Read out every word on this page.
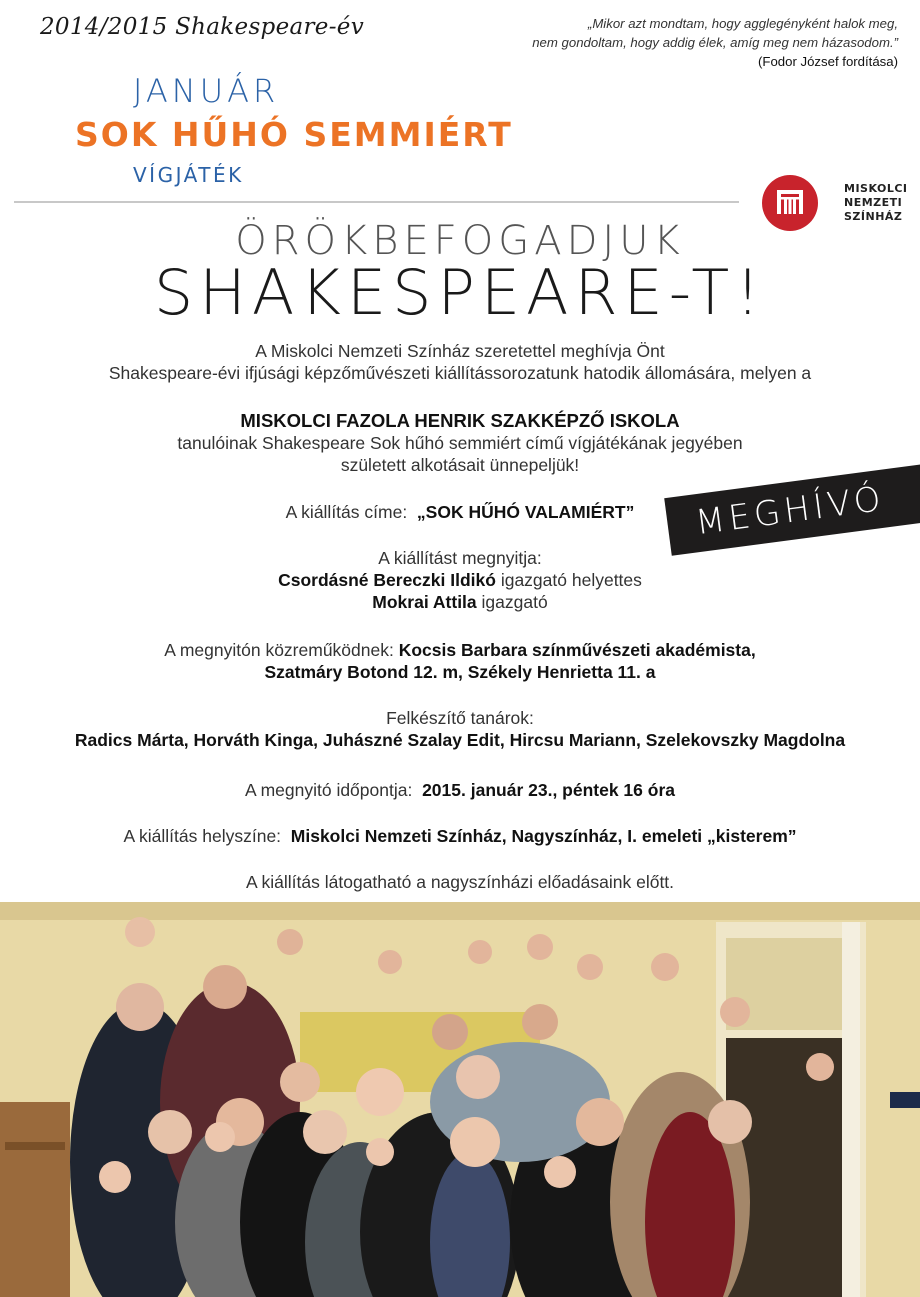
2014/2015 Shakespeare-év	„Mikor azt mondtam, hogy agglegényként halok meg,
nem gondoltam, hogy addig élek, amíg meg nem házasodom.”
(Fodor József fordítása)
JANUÁR
SOK HŰHÓ SEMMIÉRT
VÍGJÁTÉK
MISKOLCI
NEMZETI
SZÍNHÁZ
ÖRÖKBEFOGADJUK
SHAKESPEARE-T!
A Miskolci Nemzeti Színház szeretettel meghívja Önt
Shakespeare-évi ifjúsági képzőművészeti kiállítássorozatunk hatodik állomására, melyen a
MISKOLCI FAZOLA HENRIK SZAKKÉPZŐ ISKOLA
tanulóinak Shakespeare Sok hűhó semmiért című vígjátékának jegyében
született alkotásait ünnepeljük!
A kiállítás címe: „SOK HŰHÓ VALAMIÉRT”	MEGHÍVÓ
A kiállítást megnyitja:
Csordásné Bereczki Ildikó igazgató helyettes
Mokrai Attila igazgató
A megnyitón közreműködnek: Kocsis Barbara színművészeti akadémista,
Szatmáry Botond 12. m, Székely Henrietta 11. a
Felkészítő tanárok:
Radics Márta, Horváth Kinga, Juhászné Szalay Edit, Hircsu Mariann, Szelekovszky Magdolna
A megnyitó időpontja: 2015. január 23., péntek 16 óra
A kiállítás helyszíne: Miskolci Nemzeti Színház, Nagyszínház, I. emeleti „kisterem”
A kiállítás látogatható a nagyszínházi előadásaink előtt.
